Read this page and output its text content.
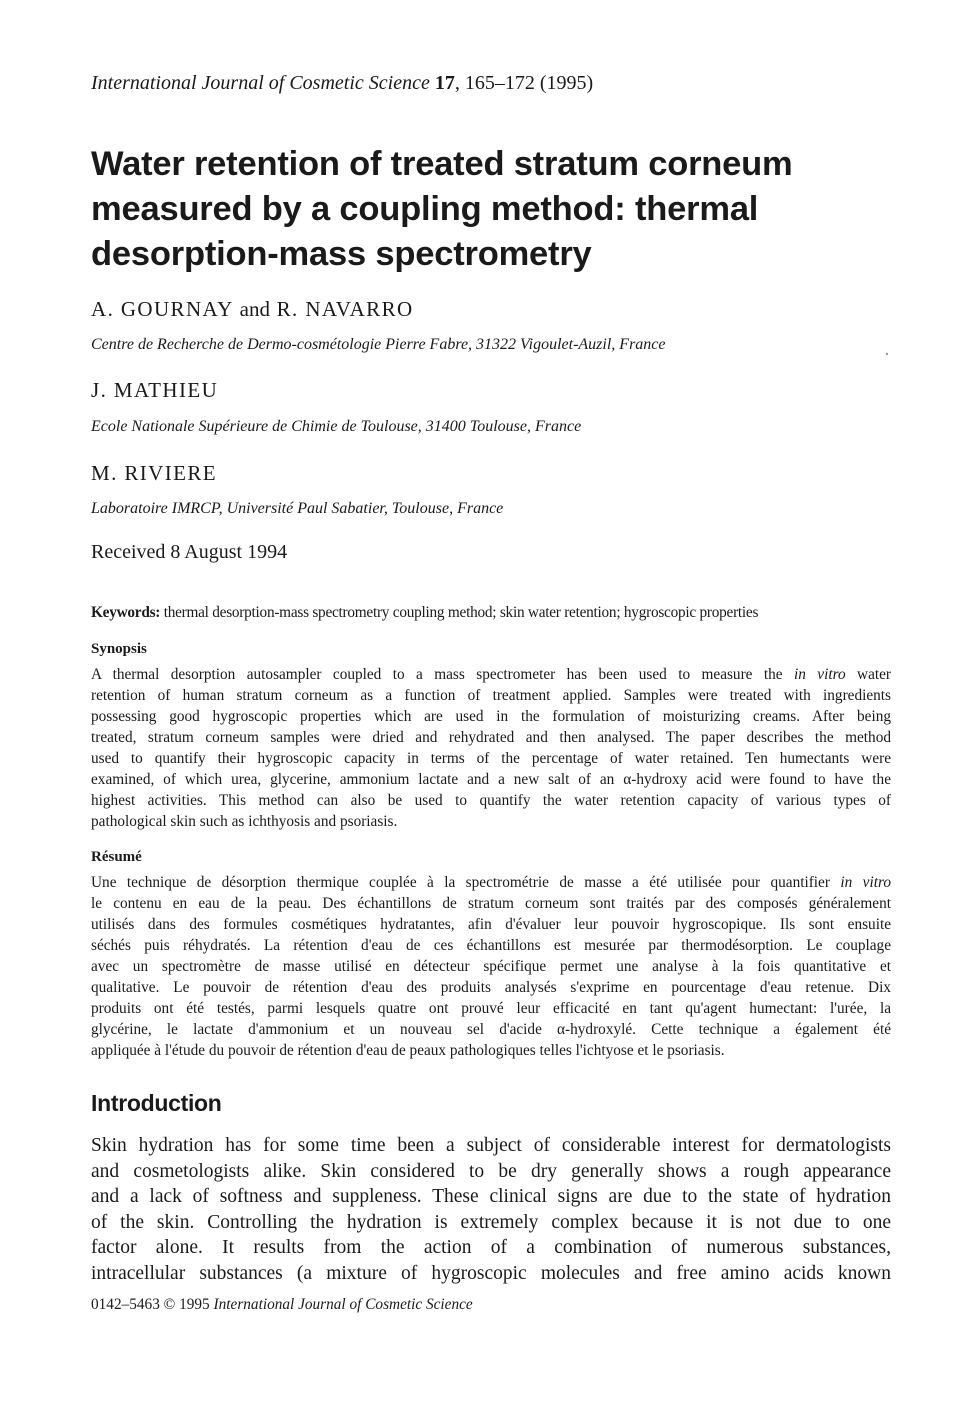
International Journal of Cosmetic Science 17, 165–172 (1995)
Water retention of treated stratum corneum
measured by a coupling method: thermal
desorption-mass spectrometry
A. GOURNAY and R. NAVARRO
Centre de Recherche de Dermo-cosmétologie Pierre Fabre, 31322 Vigoulet-Auzil, France
J. MATHIEU
Ecole Nationale Supérieure de Chimie de Toulouse, 31400 Toulouse, France
M. RIVIERE
Laboratoire IMRCP, Université Paul Sabatier, Toulouse, France
Received 8 August 1994
Keywords: thermal desorption-mass spectrometry coupling method; skin water retention; hygroscopic properties
Synopsis
A thermal desorption autosampler coupled to a mass spectrometer has been used to measure the in vitro water
retention of human stratum corneum as a function of treatment applied. Samples were treated with ingredients
possessing good hygroscopic properties which are used in the formulation of moisturizing creams. After being
treated, stratum corneum samples were dried and rehydrated and then analysed. The paper describes the method
used to quantify their hygroscopic capacity in terms of the percentage of water retained. Ten humectants were
examined, of which urea, glycerine, ammonium lactate and a new salt of an α-hydroxy acid were found to have the
highest activities. This method can also be used to quantify the water retention capacity of various types of
pathological skin such as ichthyosis and psoriasis.
Résumé
Une technique de désorption thermique couplée à la spectrométrie de masse a été utilisée pour quantifier in vitro
le contenu en eau de la peau. Des échantillons de stratum corneum sont traités par des composés généralement
utilisés dans des formules cosmétiques hydratantes, afin d'évaluer leur pouvoir hygroscopique. Ils sont ensuite
séchés puis réhydratés. La rétention d'eau de ces échantillons est mesurée par thermodésorption. Le couplage
avec un spectromètre de masse utilisé en détecteur spécifique permet une analyse à la fois quantitative et
qualitative. Le pouvoir de rétention d'eau des produits analysés s'exprime en pourcentage d'eau retenue. Dix
produits ont été testés, parmi lesquels quatre ont prouvé leur efficacité en tant qu'agent humectant: l'urée, la
glycérine, le lactate d'ammonium et un nouveau sel d'acide α-hydroxylé. Cette technique a également été
appliquée à l'étude du pouvoir de rétention d'eau de peaux pathologiques telles l'ichtyose et le psoriasis.
Introduction
Skin hydration has for some time been a subject of considerable interest for dermatologists
and cosmetologists alike. Skin considered to be dry generally shows a rough appearance
and a lack of softness and suppleness. These clinical signs are due to the state of hydration
of the skin. Controlling the hydration is extremely complex because it is not due to one
factor alone. It results from the action of a combination of numerous substances,
intracellular substances (a mixture of hygroscopic molecules and free amino acids known
0142–5463 © 1995 International Journal of Cosmetic Science
